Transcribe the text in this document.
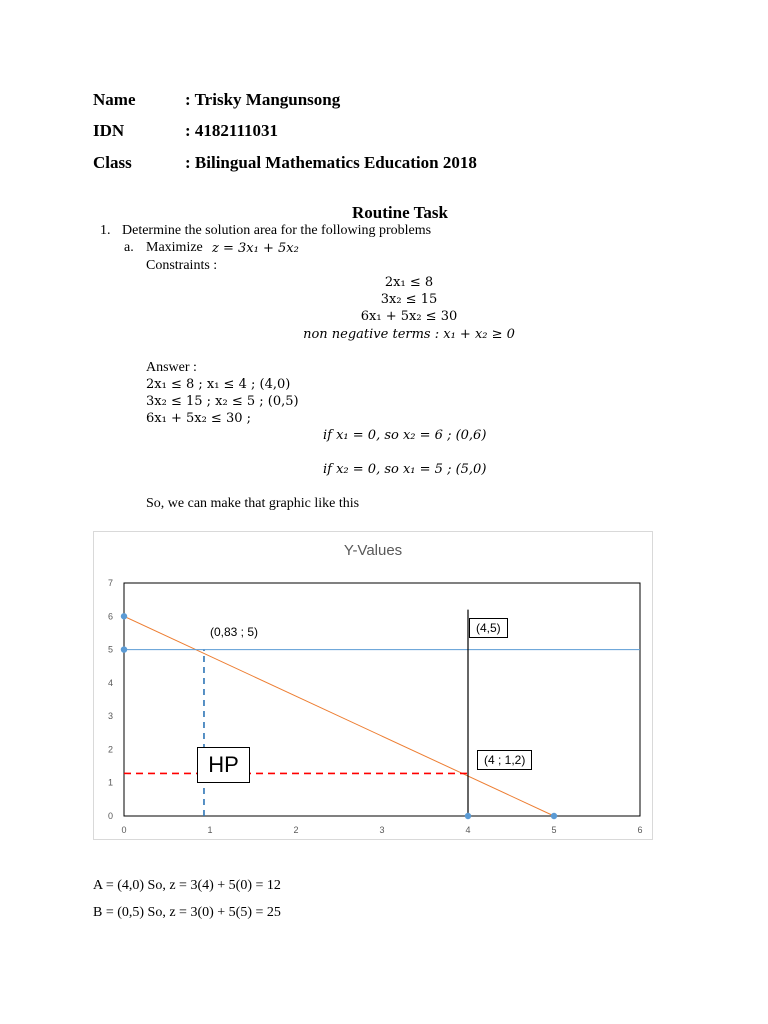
Name	: Trisky Mangunsong
IDN	: 4182111031
Class	: Bilingual Mathematics Education 2018
Routine Task
1. Determine the solution area for the following problems
a. Maximize z = 3x₁ + 5x₂
Constraints :
2x₁ ≤ 8
3x₂ ≤ 15
6x₁ + 5x₂ ≤ 30
non negative terms : x₁ + x₂ ≥ 0
Answer :
2x₁ ≤ 8 ; x₁ ≤ 4 ; (4,0)
3x₂ ≤ 15 ; x₂ ≤ 5 ; (0,5)
6x₁ + 5x₂ ≤ 30 ;
if x₁ = 0, so x₂ = 6 ; (0,6)
if x₂ = 0, so x₁ = 5 ; (5,0)
So, we can make that graphic like this
Y-Values
0	1	2	3	4	5	6
0
1
2
3
4
5
6
7
(0,83 ; 5)	(4,5)
(4 ; 1,2)
HP
A = (4,0) So, z = 3(4) + 5(0) = 12
B = (0,5) So, z = 3(0) + 5(5) = 25
